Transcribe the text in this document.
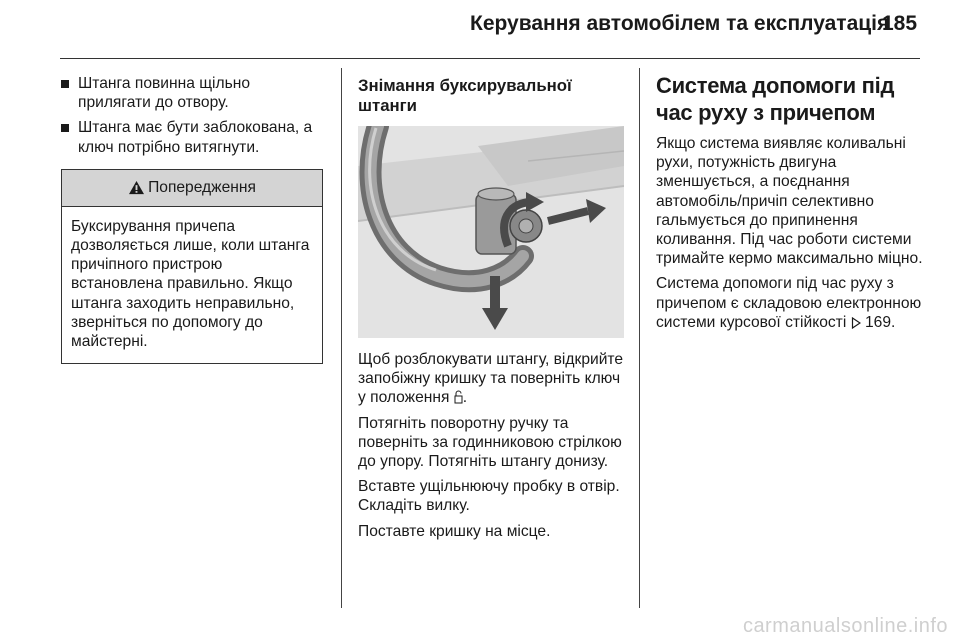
Керування автомобілем та експлуатація
185
Штанга повинна щільно прилягати до отвору.
Штанга має бути заблокована, а ключ потрібно витягнути.
Попередження
Буксирування причепа дозволяється лише, коли штанга причіпного пристрою встановлена правильно. Якщо штанга заходить неправильно, зверніться по допомогу до майстерні.
Знімання буксирувальної штанги

Щоб розблокувати штангу, відкрийте запобіжну кришку та поверніть ключ у положення .

Потягніть поворотну ручку та поверніть за годинниковою стрілкою до упору. Потягніть штангу донизу.

Вставте ущільнюючу пробку в отвір. Складіть вилку.

Поставте кришку на місце.

Система допомоги під час руху з причепом

Якщо система виявляє коливальні рухи, потужність двигуна зменшується, а поєднання автомобіль/причіп селективно гальмується до припинення коливання. Під час роботи системи тримайте кермо максимально міцно.

Система допомоги під час руху з причепом є складовою електронною системи курсової стійкості 169.

carmanualsonline.info
